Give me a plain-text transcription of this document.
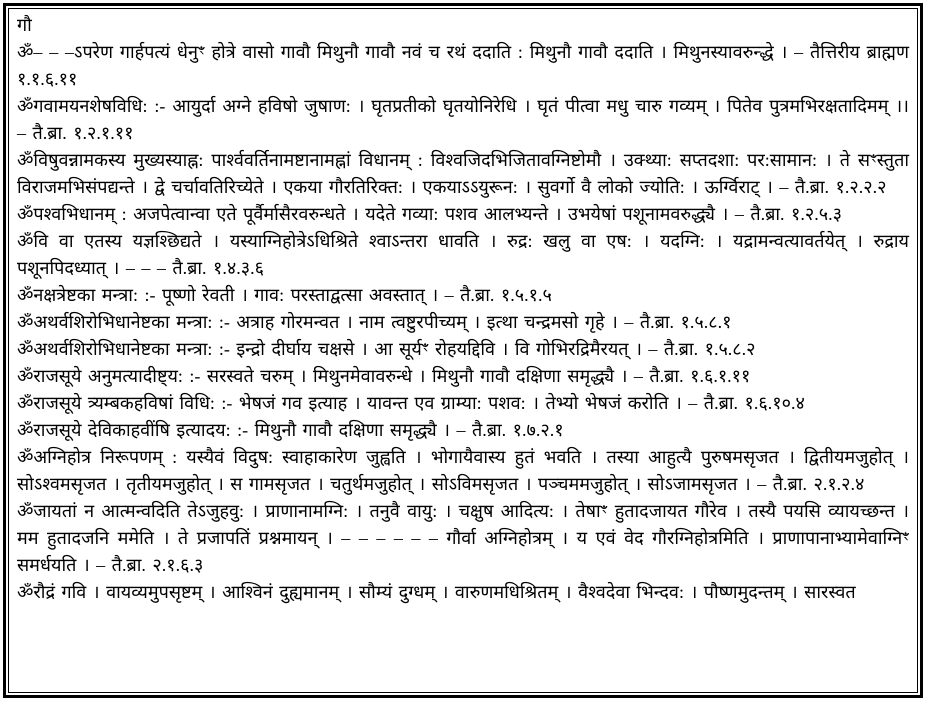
गौ

ॐ– – –ऽपरेण गार्हपत्यं धेनुꣳ होत्रे वासो गावौ मिथुनौ गावौ नवं च रथं ददाति : मिथुनौ गावौ ददाति । मिथुनस्यावरुन्द्धे । – तैत्तिरीय ब्राह्मण १.१.६.११

ॐगवामयनशेषविधि: :- आयुर्दा अग्ने हविषो जुषाण: । घृतप्रतीको घृतयोनिरेधि । घृतं पीत्वा मधु चारु गव्यम् । पितेव पुत्रमभिरक्षतादिमम् ।। – तै.ब्रा. १.२.१.११

ॐविषुवन्नामकस्य मुख्यस्याह्न: पार्श्ववर्तिनामष्टानामह्नां विधानम् : विश्वजिदभिजितावग्निष्टोमौ । उक्थ्या: सप्तदशा: पर:सामान: । ते सꣳस्तुता विराजमभिसंपद्यन्ते । द्वे चर्चावतिरिच्येते । एकया गौरतिरिक्त: । एकयाऽऽयुरून: । सुवर्गो वै लोको ज्योति: । ऊर्ग्विराट् । – तै.ब्रा. १.२.२.२

ॐपश्वभिधानम् : अजपेत्वान्वा एते पूर्वैर्मासैरवरुन्धते । यदेते गव्या: पशव आलभ्यन्ते । उभयेषां पशूनामवरुद्ध्यै । – तै.ब्रा. १.२.५.३

ॐवि वा एतस्य यज्ञश्छिद्यते । यस्याग्निहोत्रेऽधिश्रिते श्वाऽन्तरा धावति । रुद्र: खलु वा एष: । यदग्नि: । यद्रामन्वत्यावर्तयेत् । रुद्राय पशूनपिदध्यात् । – – – तै.ब्रा. १.४.३.६

ॐनक्षत्रेष्टका मन्त्रा: :- पूष्णो रेवती । गाव: परस्ताद्वत्सा अवस्तात् । – तै.ब्रा. १.५.१.५

ॐअथर्वशिरोभिधानेष्टका मन्त्रा: :- अत्राह गोरमन्वत । नाम त्वष्टुरपीच्यम् । इत्था चन्द्रमसो गृहे । – तै.ब्रा. १.५.८.१

ॐअथर्वशिरोभिधानेष्टका मन्त्रा: :- इन्द्रो दीर्घाय चक्षसे । आ सूर्यꣳ रोहयद्दिवि । वि गोभिरद्रिमैरयत् । – तै.ब्रा. १.५.८.२

ॐराजसूये अनुमत्यादीष्ट्य: :- सरस्वते चरुम् । मिथुनमेवावरुन्धे । मिथुनौ गावौ दक्षिणा समृद्ध्यै । – तै.ब्रा. १.६.१.११

ॐराजसूये त्र्यम्बकहविषां विधि: :- भेषजं गव इत्याह । यावन्त एव ग्राम्या: पशव: । तेभ्यो भेषजं करोति । – तै.ब्रा. १.६.१०.४

ॐराजसूये देविकाहवींषि इत्यादय: :- मिथुनौ गावौ दक्षिणा समृद्ध्यै । – तै.ब्रा. १.७.२.१

ॐअग्निहोत्र निरूपणम् : यस्यैवं विदुष: स्वाहाकारेण जुह्वति । भोगायैवास्य हुतं भवति । तस्या आहुत्यै पुरुषमसृजत । द्वितीयमजुहोत् । सोऽश्वमसृजत । तृतीयमजुहोत् । स गामसृजत । चतुर्थमजुहोत् । सोऽविमसृजत । पञ्चममजुहोत् । सोऽजामसृजत । – तै.ब्रा. २.१.२.४

ॐजायतां न आत्मन्वदिति तेऽजुहवु: । प्राणानामग्नि: । तनुवै वायु: । चक्षुष आदित्य: । तेषाꣳ हुतादजायत गौरेव । तस्यै पयसि व्यायच्छन्त । मम हुतादजनि ममेति । ते प्रजापतिं प्रश्नमायन् । – – – – – – गौर्वा अग्निहोत्रम् । य एवं वेद गौरग्निहोत्रमिति । प्राणापानाभ्यामेवाग्निꣳ समर्धयति । – तै.ब्रा. २.१.६.३

ॐरौद्रं गवि । वायव्यमुपसृष्टम् । आश्विनं दुह्यमानम् । सौम्यं दुग्धम् । वारुणमधिश्रितम् । वैश्वदेवा भिन्दव: । पौष्णमुदन्तम् । सारस्वत
